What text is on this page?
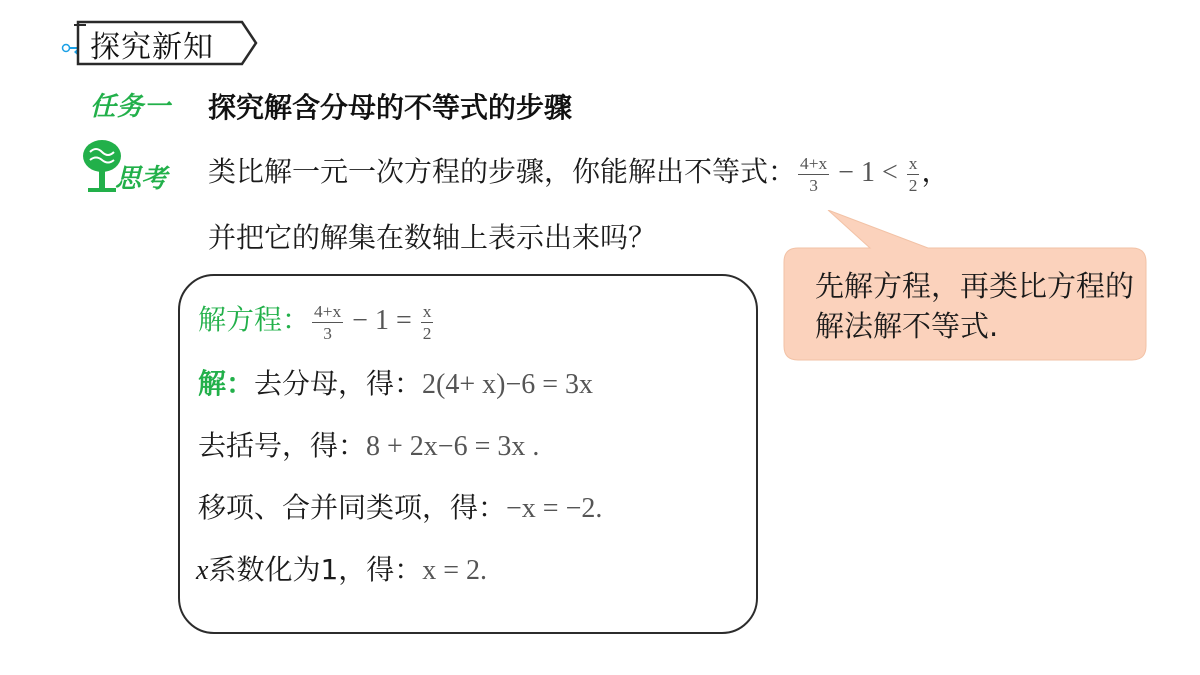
探究新知
任务一 探究解含分母的不等式的步骤
思考 类比解一元一次方程的步骤，你能解出不等式： $\frac{4+x}{3} - 1 < \frac{x}{2}$ ，
并把它的解集在数轴上表示出来吗？
先解方程，再类比方程的解法解不等式.
解方程： $\frac{4+x}{3} - 1 = \frac{x}{2}$
解：去分母，得：2(4+ x)−6 = 3x
去括号，得：8 + 2x−6 = 3x .
移项、合并同类项，得：−x = −2.
x系数化为1，得：x = 2.
